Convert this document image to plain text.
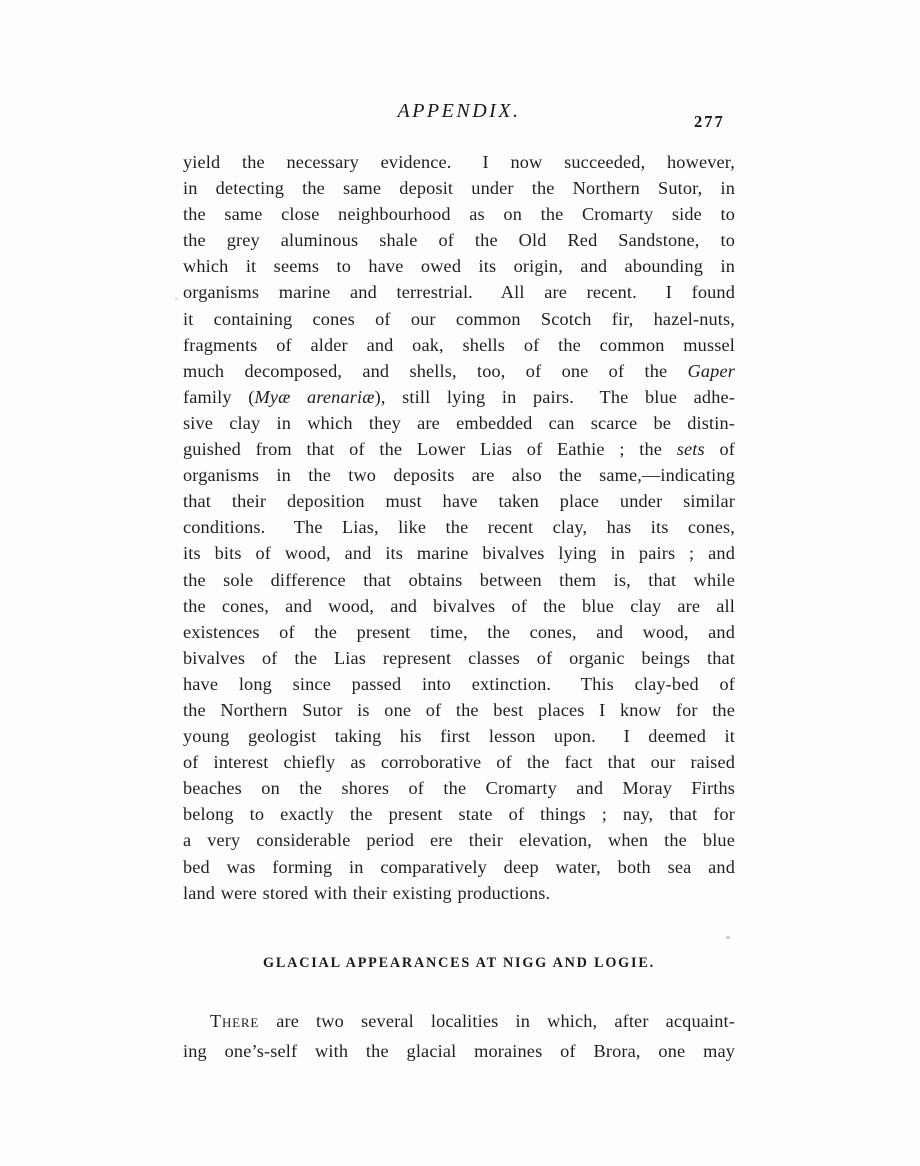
APPENDIX.	277
yield the necessary evidence.  I now succeeded, however,
in detecting the same deposit under the Northern Sutor, in
the same close neighbourhood as on the Cromarty side to
the grey aluminous shale of the Old Red Sandstone, to
which it seems to have owed its origin, and abounding in
organisms marine and terrestrial.  All are recent.  I found
it containing cones of our common Scotch fir, hazel-nuts,
fragments of alder and oak, shells of the common mussel
much decomposed, and shells, too, of one of the Gaper
family (Myæ arenariæ), still lying in pairs.  The blue adhe-
sive clay in which they are embedded can scarce be distin-
guished from that of the Lower Lias of Eathie ; the sets of
organisms in the two deposits are also the same,—indicating
that their deposition must have taken place under similar
conditions.  The Lias, like the recent clay, has its cones,
its bits of wood, and its marine bivalves lying in pairs ; and
the sole difference that obtains between them is, that while
the cones, and wood, and bivalves of the blue clay are all
existences of the present time, the cones, and wood, and
bivalves of the Lias represent classes of organic beings that
have long since passed into extinction.  This clay-bed of
the Northern Sutor is one of the best places I know for the
young geologist taking his first lesson upon.  I deemed it
of interest chiefly as corroborative of the fact that our raised
beaches on the shores of the Cromarty and Moray Firths
belong to exactly the present state of things ; nay, that for
a very considerable period ere their elevation, when the blue
bed was forming in comparatively deep water, both sea and
land were stored with their existing productions.
GLACIAL APPEARANCES AT NIGG AND LOGIE.
There are two several localities in which, after acquaint-
ing one’s-self with the glacial moraines of Brora, one may
